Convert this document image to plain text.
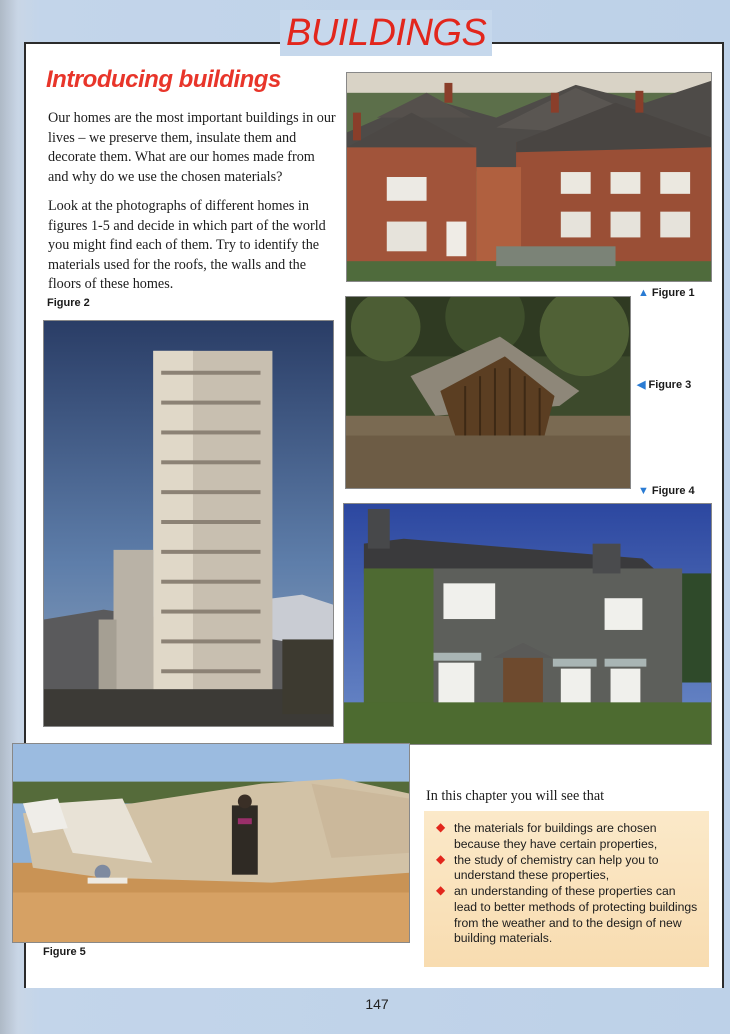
BUILDINGS
Introducing buildings

Our homes are the most important buildings in our lives – we preserve them, insulate them and decorate them. What are our homes made from and why do we use the chosen materials?

Look at the photographs of different homes in figures 1-5 and decide in which part of the world you might find each of them. Try to identify the materials used for the roofs, the walls and the floors of these homes.

▲ Figure 1
Figure 2
◀ Figure 3
▼ Figure 4
Figure 5

In this chapter you will see that

◆ the materials for buildings are chosen because they have certain properties,

◆ the study of chemistry can help you to understand these properties,

◆ an understanding of these properties can lead to better methods of protecting buildings from the weather and to the design of new building materials.

147
